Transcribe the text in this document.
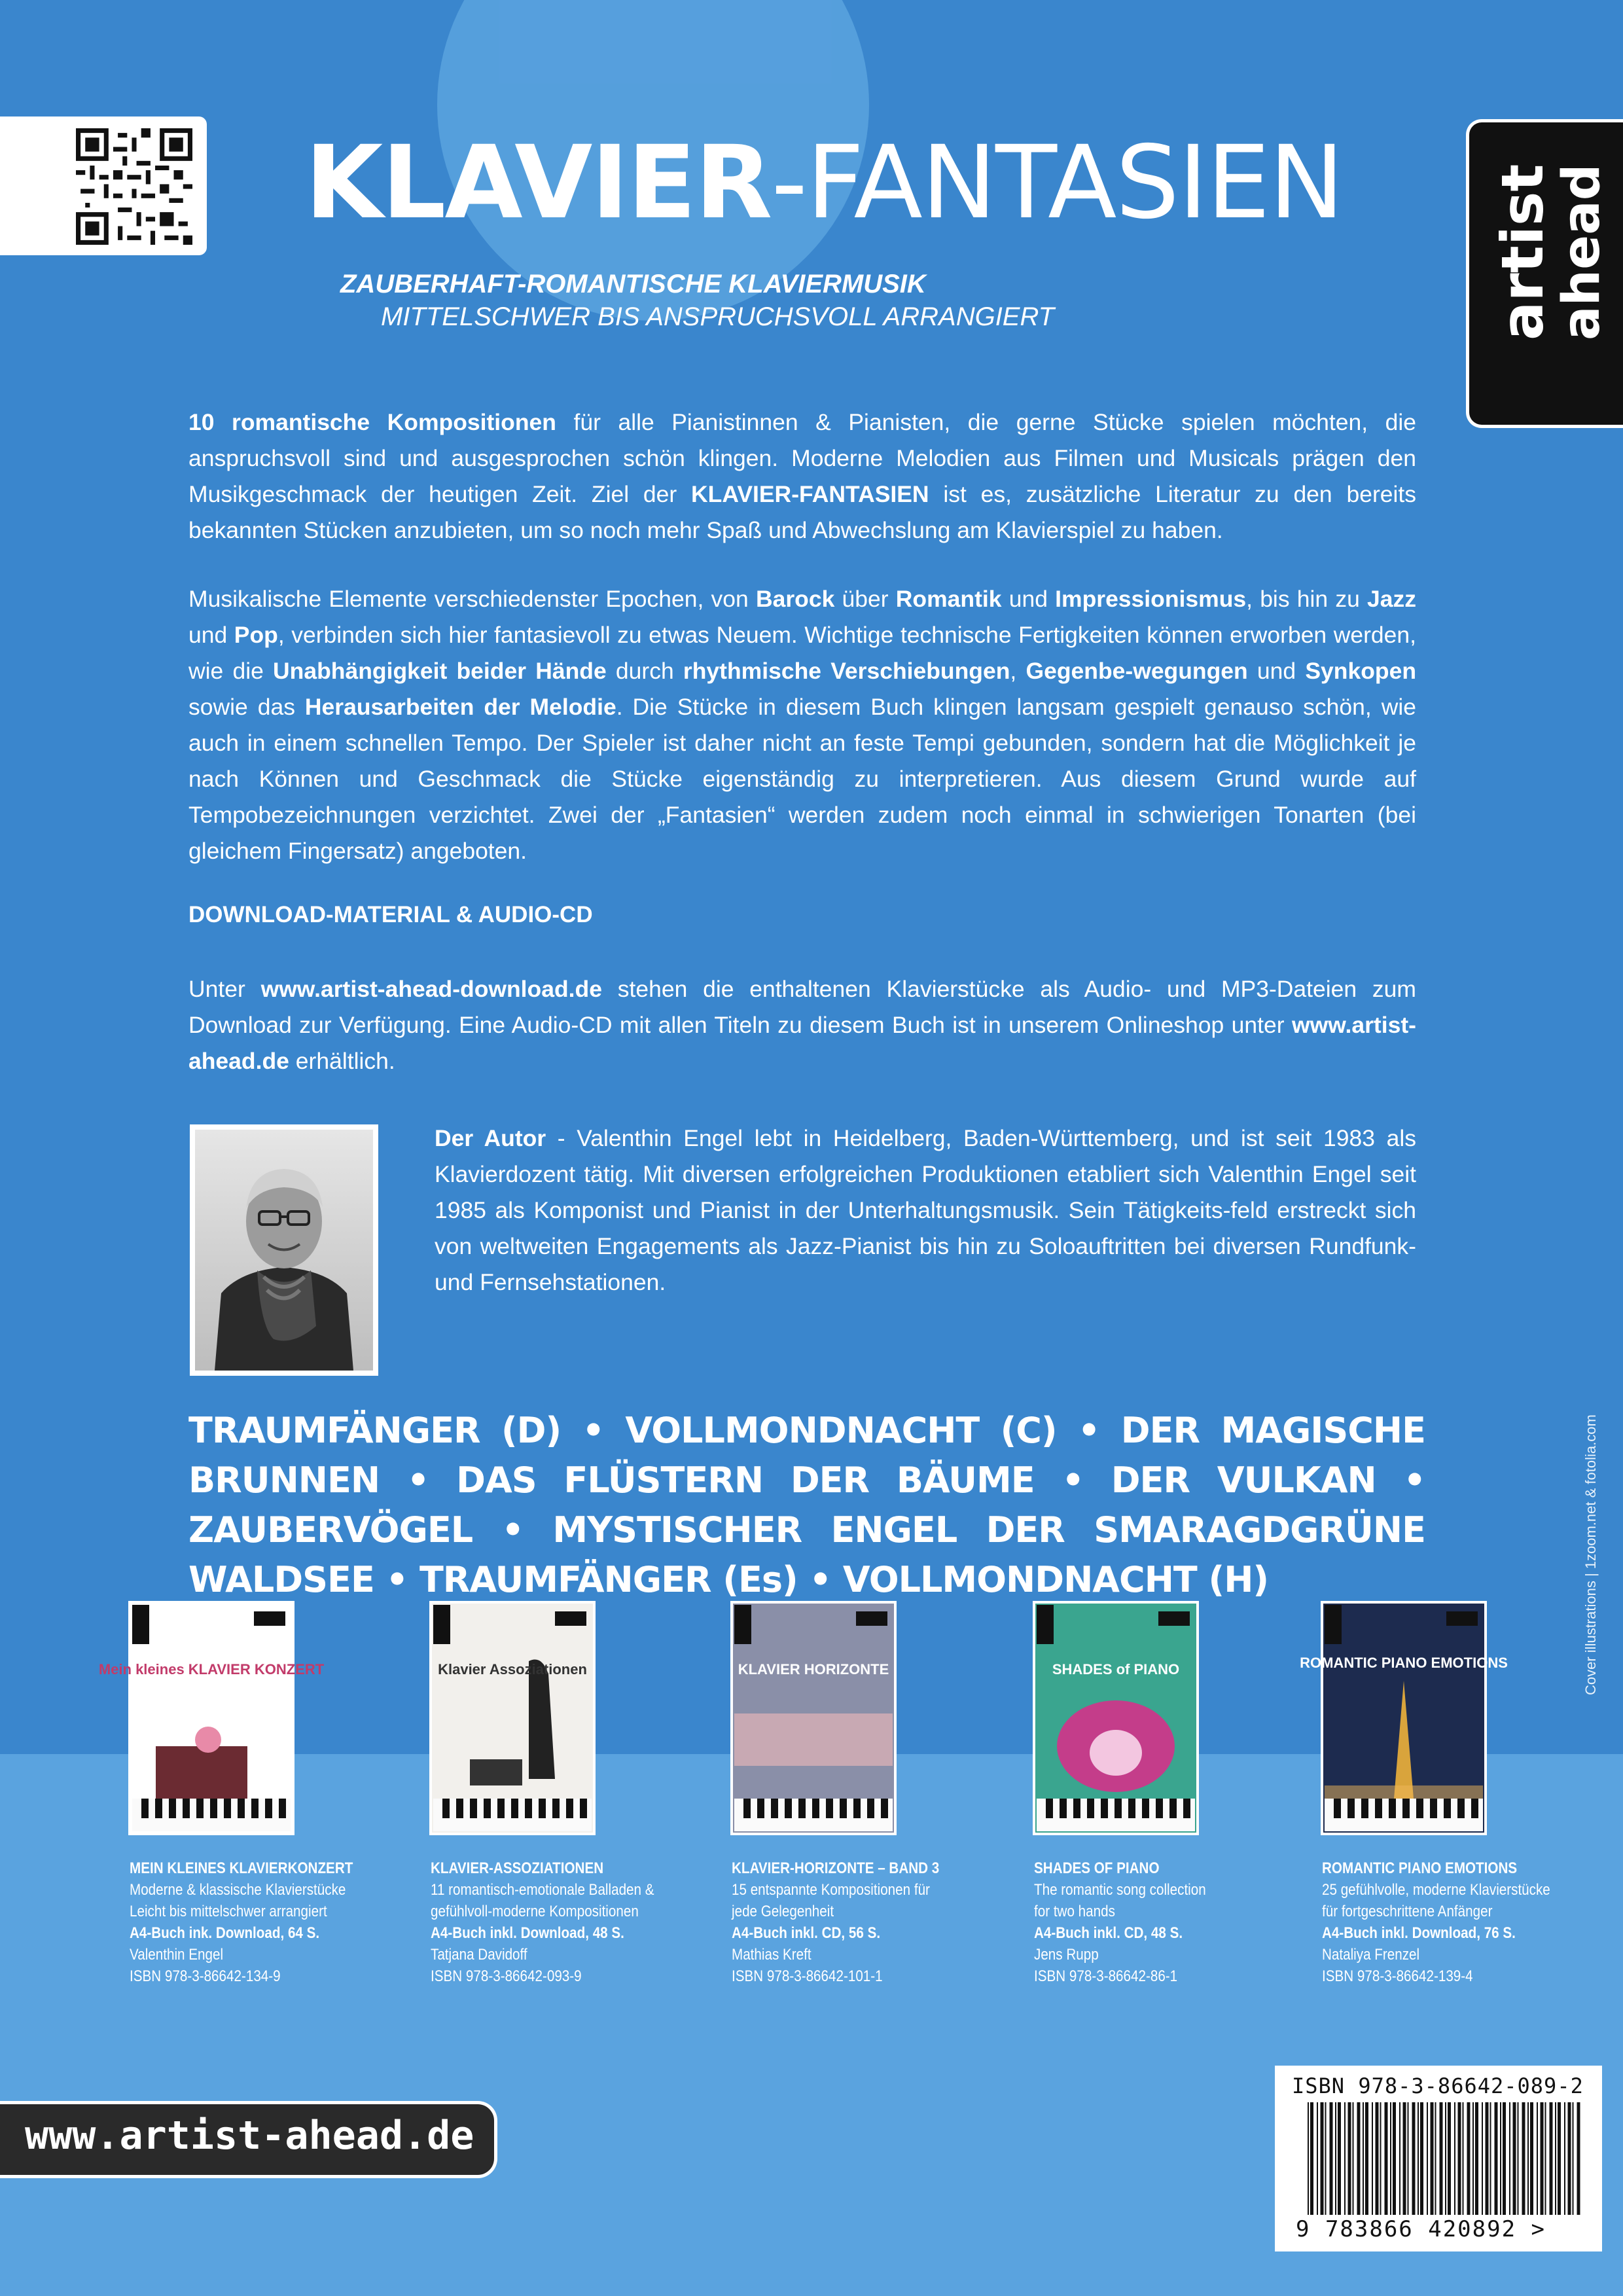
artist
ahead
KLAVIER-FANTASIEN
ZAUBERHAFT-ROMANTISCHE KLAVIERMUSIK
MITTELSCHWER BIS ANSPRUCHSVOLL ARRANGIERT
10 romantische Kompositionen für alle Pianistinnen & Pianisten, die gerne Stücke spielen möchten, die anspruchsvoll sind und ausgesprochen schön klingen. Moderne Melodien aus Filmen und Musicals prägen den Musikgeschmack der heutigen Zeit. Ziel der KLAVIER-FANTASIEN ist es, zusätzliche Literatur zu den bereits bekannten Stücken anzubieten, um so noch mehr Spaß und Abwechslung am Klavierspiel zu haben.
Musikalische Elemente verschiedenster Epochen, von Barock über Romantik und Impressionismus, bis hin zu Jazz und Pop, verbinden sich hier fantasievoll zu etwas Neuem. Wichtige technische Fertigkeiten können erworben werden, wie die Unabhängigkeit beider Hände durch rhythmische Verschiebungen, Gegenbe-wegungen und Synkopen sowie das Herausarbeiten der Melodie. Die Stücke in diesem Buch klingen langsam gespielt genauso schön, wie auch in einem schnellen Tempo. Der Spieler ist daher nicht an feste Tempi gebunden, sondern hat die Möglichkeit je nach Können und Geschmack die Stücke eigenständig zu interpretieren. Aus diesem Grund wurde auf Tempobezeichnungen verzichtet. Zwei der „Fantasien“ werden zudem noch einmal in schwierigen Tonarten (bei gleichem Fingersatz) angeboten.
DOWNLOAD-MATERIAL & AUDIO-CD
Unter www.artist-ahead-download.de stehen die enthaltenen Klavierstücke als Audio- und MP3-Dateien zum Download zur Verfügung. Eine Audio-CD mit allen Titeln zu diesem Buch ist in unserem Onlineshop unter www.artist-ahead.de erhältlich.
Der Autor - Valenthin Engel lebt in Heidelberg, Baden-Württemberg, und ist seit 1983 als Klavierdozent tätig. Mit diversen erfolgreichen Produktionen etabliert sich Valenthin Engel seit 1985 als Komponist und Pianist in der Unterhaltungsmusik. Sein Tätigkeits-feld erstreckt sich von weltweiten Engagements als Jazz-Pianist bis hin zu Soloauftritten bei diversen Rundfunk- und Fernsehstationen.
TRAUMFÄNGER (D) • VOLLMONDNACHT (C) • DER MAGISCHE BRUNNEN • DAS FLÜSTERN DER BÄUME • DER VULKAN • ZAUBERVÖGEL • MYSTISCHER ENGEL DER SMARAGDGRÜNE WALDSEE • TRAUMFÄNGER (Es) • VOLLMONDNACHT (H)	Cover illustrations | 1zoom.net & fotolia.com
Mein kleines KLAVIER KONZERT
MEIN KLEINES KLAVIERKONZERT
Moderne & klassische Klavierstücke
Leicht bis mittelschwer arrangiert
A4-Buch ink. Download, 64 S.
Valenthin Engel
ISBN 978-3-86642-134-9
Klavier Assoziationen
KLAVIER-ASSOZIATIONEN
11 romantisch-emotionale Balladen &
gefühlvoll-moderne Kompositionen
A4-Buch inkl. Download, 48 S.
Tatjana Davidoff
ISBN 978-3-86642-093-9
KLAVIER HORIZONTE
KLAVIER-HORIZONTE – BAND 3
15 entspannte Kompositionen für
jede Gelegenheit
A4-Buch inkl. CD, 56 S.
Mathias Kreft
ISBN 978-3-86642-101-1
SHADES of PIANO
SHADES OF PIANO
The romantic song collection
for two hands
A4-Buch inkl. CD, 48 S.
Jens Rupp
ISBN 978-3-86642-86-1
ROMANTIC PIANO EMOTIONS
ROMANTIC PIANO EMOTIONS
25 gefühlvolle, moderne Klavierstücke
für fortgeschrittene Anfänger
A4-Buch inkl. Download, 76 S.
Nataliya Frenzel
ISBN 978-3-86642-139-4
www.artist-ahead.de
ISBN 978-3-86642-089-2
9 783866 420892 >
